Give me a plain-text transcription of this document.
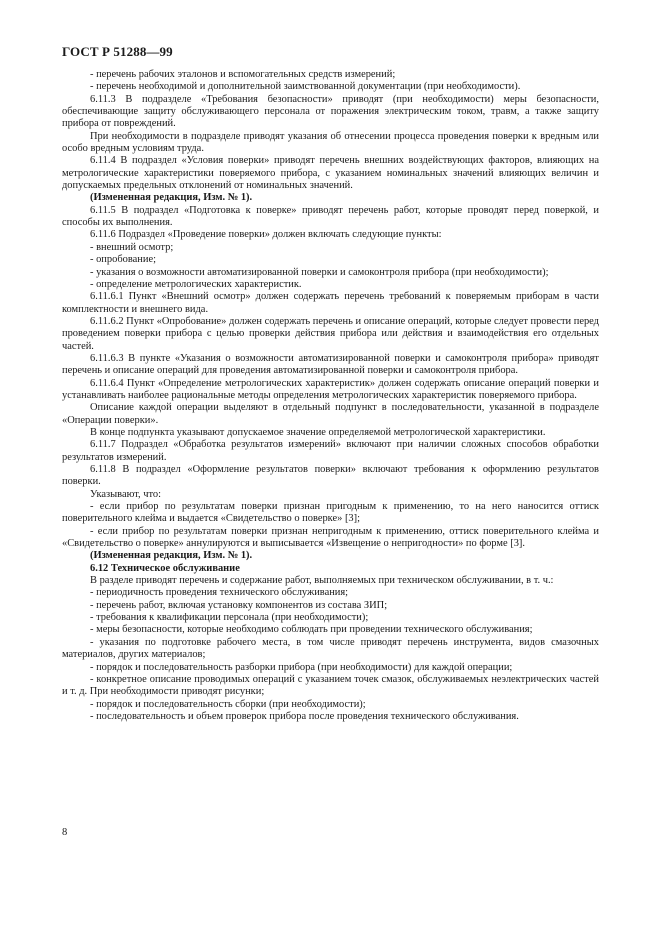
ГОСТ Р 51288—99

- перечень рабочих эталонов и вспомогательных средств измерений;

- перечень необходимой и дополнительной заимствованной документации (при необходимости).

6.11.3 В подразделе «Требования безопасности» приводят (при необходимости) меры безопасности, обеспечивающие защиту обслуживающего персонала от поражения электрическим током, травм, а также защиту прибора от повреждений.

При необходимости в подразделе приводят указания об отнесении процесса проведения поверки к вредным или особо вредным условиям труда.

6.11.4 В подраздел «Условия поверки» приводят перечень внешних воздействующих факторов, влияющих на метрологические характеристики поверяемого прибора, с указанием номинальных значений влияющих величин и допускаемых предельных отклонений от номинальных значений.

(Измененная редакция, Изм. № 1).

6.11.5 В подраздел «Подготовка к поверке» приводят перечень работ, которые проводят перед поверкой, и способы их выполнения.

6.11.6 Подраздел «Проведение поверки» должен включать следующие пункты:

- внешний осмотр;

- опробование;

- указания о возможности автоматизированной поверки и самоконтроля прибора (при необходимости);

- определение метрологических характеристик.

6.11.6.1 Пункт «Внешний осмотр» должен содержать перечень требований к поверяемым приборам в части комплектности и внешнего вида.

6.11.6.2 Пункт «Опробование» должен содержать перечень и описание операций, которые следует провести перед проведением поверки прибора с целью проверки действия прибора или действия и взаимодействия его отдельных частей.

6.11.6.3 В пункте «Указания о возможности автоматизированной поверки и самоконтроля прибора» приводят перечень и описание операций для проведения автоматизированной поверки и самоконтроля прибора.

6.11.6.4 Пункт «Определение метрологических характеристик» должен содержать описание операций поверки и устанавливать наиболее рациональные методы определения метрологических характеристик поверяемого прибора.

Описание каждой операции выделяют в отдельный подпункт в последовательности, указанной в подразделе «Операции поверки».

В конце подпункта указывают допускаемое значение определяемой метрологической характеристики.

6.11.7 Подраздел «Обработка результатов измерений» включают при наличии сложных способов обработки результатов измерений.

6.11.8 В подраздел «Оформление результатов поверки» включают требования к оформлению результатов поверки.

Указывают, что:

- если прибор по результатам поверки признан пригодным к применению, то на него наносится оттиск поверительного клейма и выдается «Свидетельство о поверке» [3];

- если прибор по результатам поверки признан непригодным к применению, оттиск поверительного клейма и «Свидетельство о поверке» аннулируются и выписывается «Извещение о непригодности» по форме [3].

(Измененная редакция, Изм. № 1).

6.12 Техническое обслуживание

В разделе приводят перечень и содержание работ, выполняемых при техническом обслуживании, в т. ч.:

- периодичность проведения технического обслуживания;

- перечень работ, включая установку компонентов из состава ЗИП;

- требования к квалификации персонала (при необходимости);

- меры безопасности, которые необходимо соблюдать при проведении технического обслуживания;

- указания по подготовке рабочего места, в том числе приводят перечень инструмента, видов смазочных материалов, других материалов;

- порядок и последовательность разборки прибора (при необходимости) для каждой операции;

- конкретное описание проводимых операций с указанием точек смазок, обслуживаемых неэлектрических частей и т. д. При необходимости приводят рисунки;

- порядок и последовательность сборки (при необходимости);

- последовательность и объем проверок прибора после проведения технического обслуживания.

8
